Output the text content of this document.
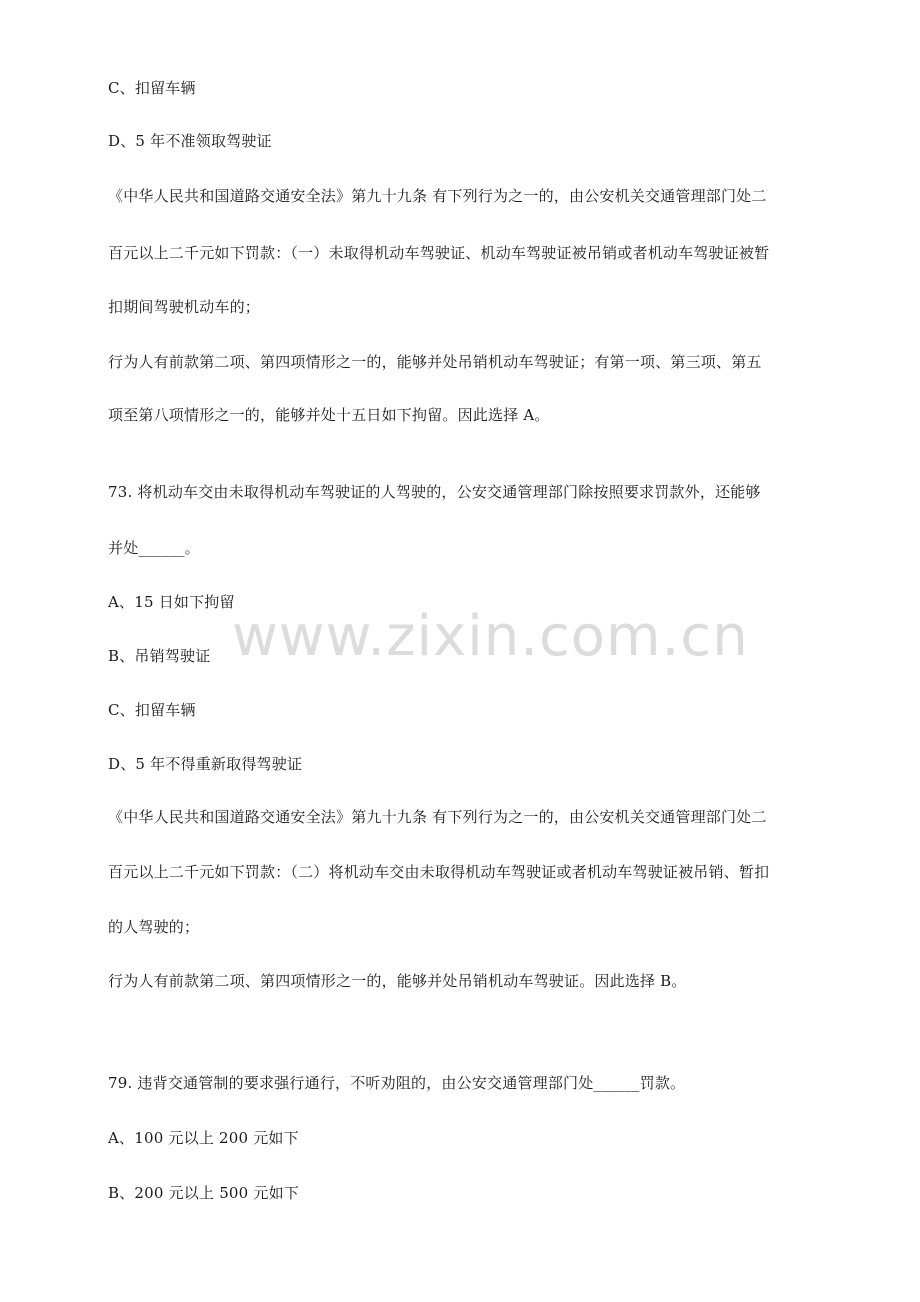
C、扣留车辆
D、5 年不准领取驾驶证
《中华人民共和国道路交通安全法》第九十九条 有下列行为之一的，由公安机关交通管理部门处二
百元以上二千元如下罚款：（一）未取得机动车驾驶证、机动车驾驶证被吊销或者机动车驾驶证被暂
扣期间驾驶机动车的；
行为人有前款第二项、第四项情形之一的，能够并处吊销机动车驾驶证；有第一项、第三项、第五
项至第八项情形之一的，能够并处十五日如下拘留。因此选择 A。
73. 将机动车交由未取得机动车驾驶证的人驾驶的，公安交通管理部门除按照要求罚款外，还能够
并处______。
A、15 日如下拘留
B、吊销驾驶证
C、扣留车辆
D、5 年不得重新取得驾驶证
《中华人民共和国道路交通安全法》第九十九条 有下列行为之一的，由公安机关交通管理部门处二
百元以上二千元如下罚款：（二）将机动车交由未取得机动车驾驶证或者机动车驾驶证被吊销、暂扣
的人驾驶的；
行为人有前款第二项、第四项情形之一的，能够并处吊销机动车驾驶证。因此选择 B。
79. 违背交通管制的要求强行通行，不听劝阻的，由公安交通管理部门处______罚款。
A、100 元以上 200 元如下
B、200 元以上 500 元如下
www.zixin.com.cn
